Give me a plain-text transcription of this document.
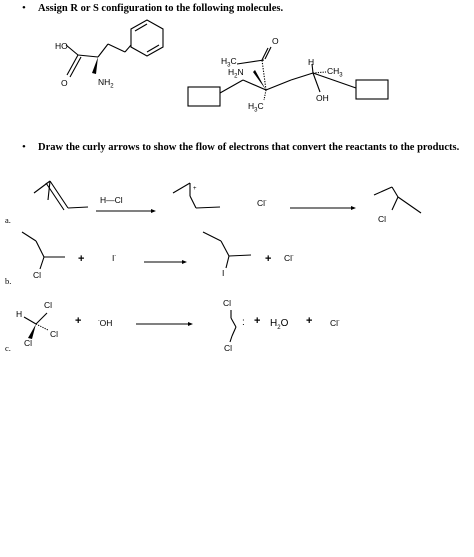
• Assign R or S configuration to the following molecules.
HO
O	$NH_2$
$H_3C$
$H_2N$
O
$H_3C$
H
$CH_3$
OH
• Draw the curly arrows to show the flow of electrons that convert the reactants to the products.
a.
H—Cl
+
Cl-
Cl
b.
Cl
+	I-
I
+ Cl-
c.
H
Cl
Cl
Cl
+	-OH
Cl
Cl
: + $H_2O + Cl^-$
